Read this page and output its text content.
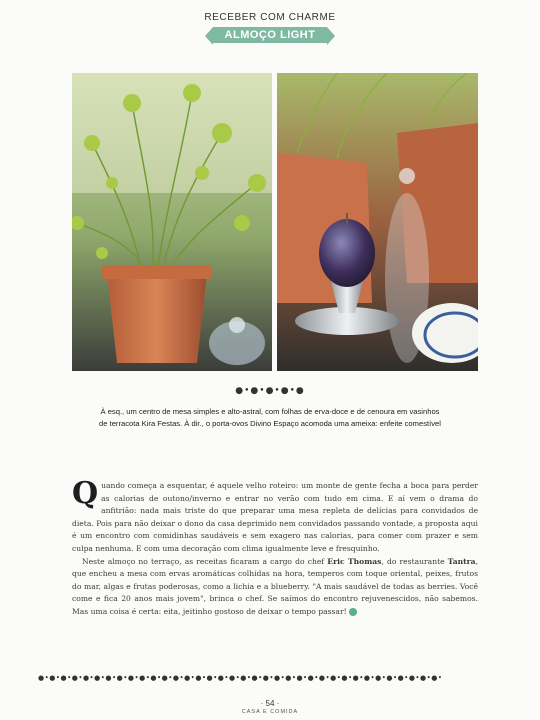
RECEBER COM CHARME
ALMOÇO LIGHT
●•●•●•●•●
À esq., um centro de mesa simples e alto-astral, com folhas de erva-doce e de cenoura em vasinhos
de terracota Kira Festas. À dir., o porta-ovos Divino Espaço acomoda uma ameixa: enfeite comestível

Quando começa a esquentar, é aquele velho roteiro: um monte de gente fecha a boca para perder as calorias de outono/inverno e entrar no verão com tudo em cima. E aí vem o drama do anfitrião: nada mais triste do que preparar uma mesa repleta de delícias para convidados de dieta. Pois para não deixar o dono da casa deprimido nem convidados passando vontade, a proposta aqui é um encontro com comidinhas saudáveis e sem exagero nas calorias, para comer com prazer e sem culpa nenhuma. E com uma decoração com clima igualmente leve e fresquinho.

Neste almoço no terraço, as receitas ficaram a cargo do chef Eric Thomas, do restaurante Tantra, que encheu a mesa com ervas aromáticas colhidas na hora, temperos com toque oriental, peixes, frutos do mar, algas e frutas poderosas, como a lichia e a blueberry. "A mais saudável de todas as berries. Você come e fica 20 anos mais jovem", brinca o chef. Se saímos do encontro rejuvenescidos, não sabemos. Mas uma coisa é certa: eita, jeitinho gostoso de deixar o tempo passar! C

●•●•●•●•●•●•●•●•●•●•●•●•●•●•●•●•●•●•●•●•●•●•●•●•●•●•●•●•●•●•●•●•●•●•●•●•
· 54 ·
CASA E COMIDA
